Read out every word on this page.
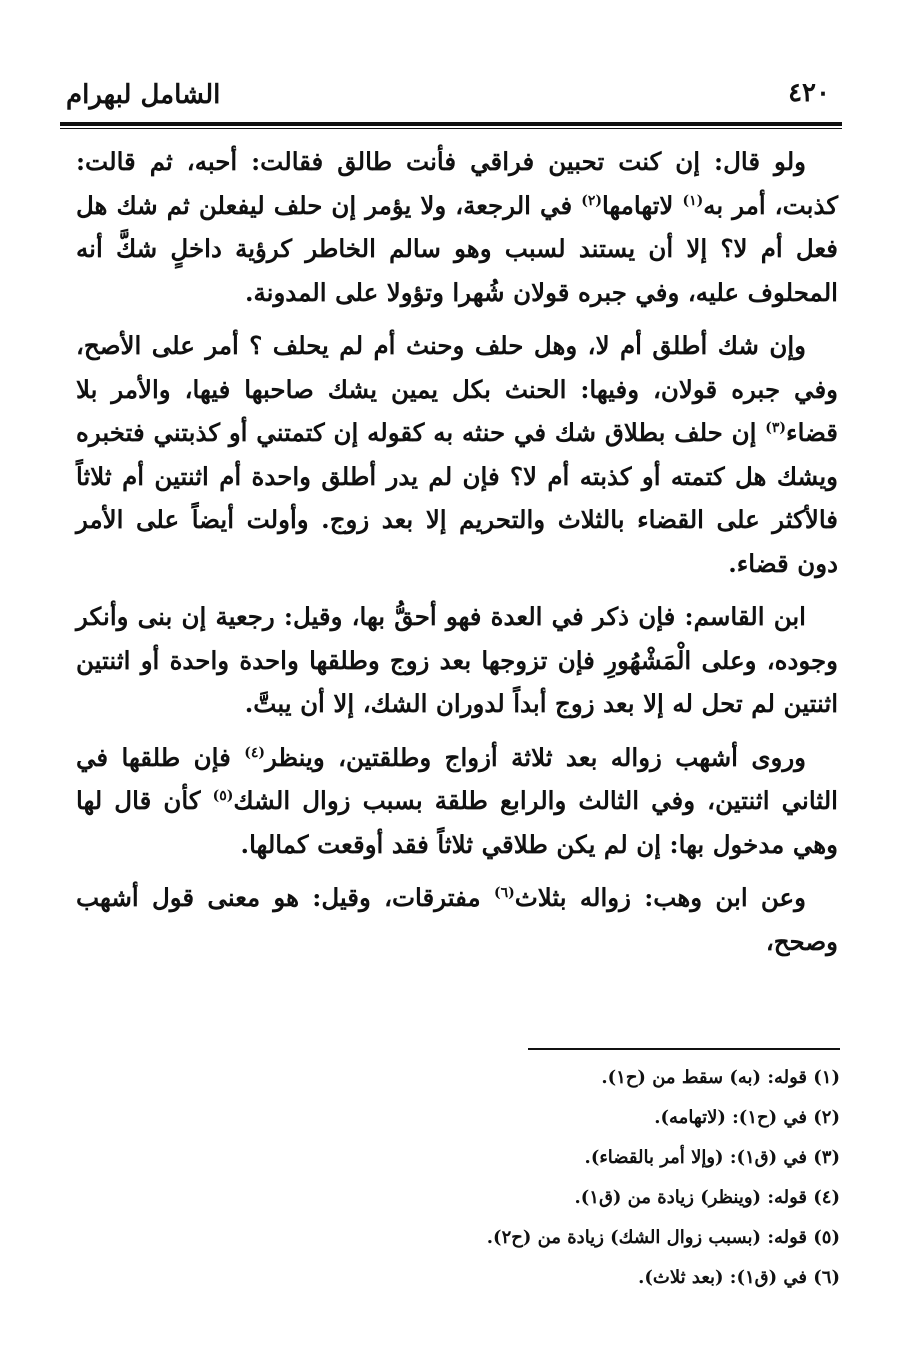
٤٢٠
الشامل لبهرام

ولو قال: إن كنت تحبين فراقي فأنت طالق فقالت: أحبه، ثم قالت: كذبت، أمر به$^{(١)}$ لاتهامها$^{(٢)}$ في الرجعة، ولا يؤمر إن حلف ليفعلن ثم شك هل فعل أم لا؟ إلا أن يستند لسبب وهو سالم الخاطر كرؤية داخلٍ شكَّ أنه المحلوف عليه، وفي جبره قولان شُهرا وتؤولا على المدونة.

وإن شك أطلق أم لا، وهل حلف وحنث أم لم يحلف ؟ أمر على الأصح، وفي جبره قولان، وفيها: الحنث بكل يمين يشك صاحبها فيها، والأمر بلا قضاء$^{(٣)}$ إن حلف بطلاق شك في حنثه به كقوله إن كتمتني أو كذبتني فتخبره ويشك هل كتمته أو كذبته أم لا؟ فإن لم يدر أطلق واحدة أم اثنتين أم ثلاثاً فالأكثر على القضاء بالثلاث والتحريم إلا بعد زوج. وأولت أيضاً على الأمر دون قضاء.

ابن القاسم: فإن ذكر في العدة فهو أحقُّ بها، وقيل: رجعية إن بنى وأنكر وجوده، وعلى الْمَشْهُورِ فإن تزوجها بعد زوج وطلقها واحدة واحدة أو اثنتين اثنتين لم تحل له إلا بعد زوج أبداً لدوران الشك، إلا أن يبتَّ.

وروى أشهب زواله بعد ثلاثة أزواج وطلقتين، وينظر$^{(٤)}$ فإن طلقها في الثاني اثنتين، وفي الثالث والرابع طلقة بسبب زوال الشك$^{(٥)}$ كأن قال لها وهي مدخول بها: إن لم يكن طلاقي ثلاثاً فقد أوقعت كمالها.

وعن ابن وهب: زواله بثلاث$^{(٦)}$ مفترقات، وقيل: هو معنى قول أشهب وصحح،

(١) قوله: (به) سقط من (ح١).

(٢) في (ح١): (لاتهامه).

(٣) في (ق١): (وإلا أمر بالقضاء).

(٤) قوله: (وينظر) زيادة من (ق١).

(٥) قوله: (بسبب زوال الشك) زيادة من (ح٢).

(٦) في (ق١): (بعد ثلاث).
